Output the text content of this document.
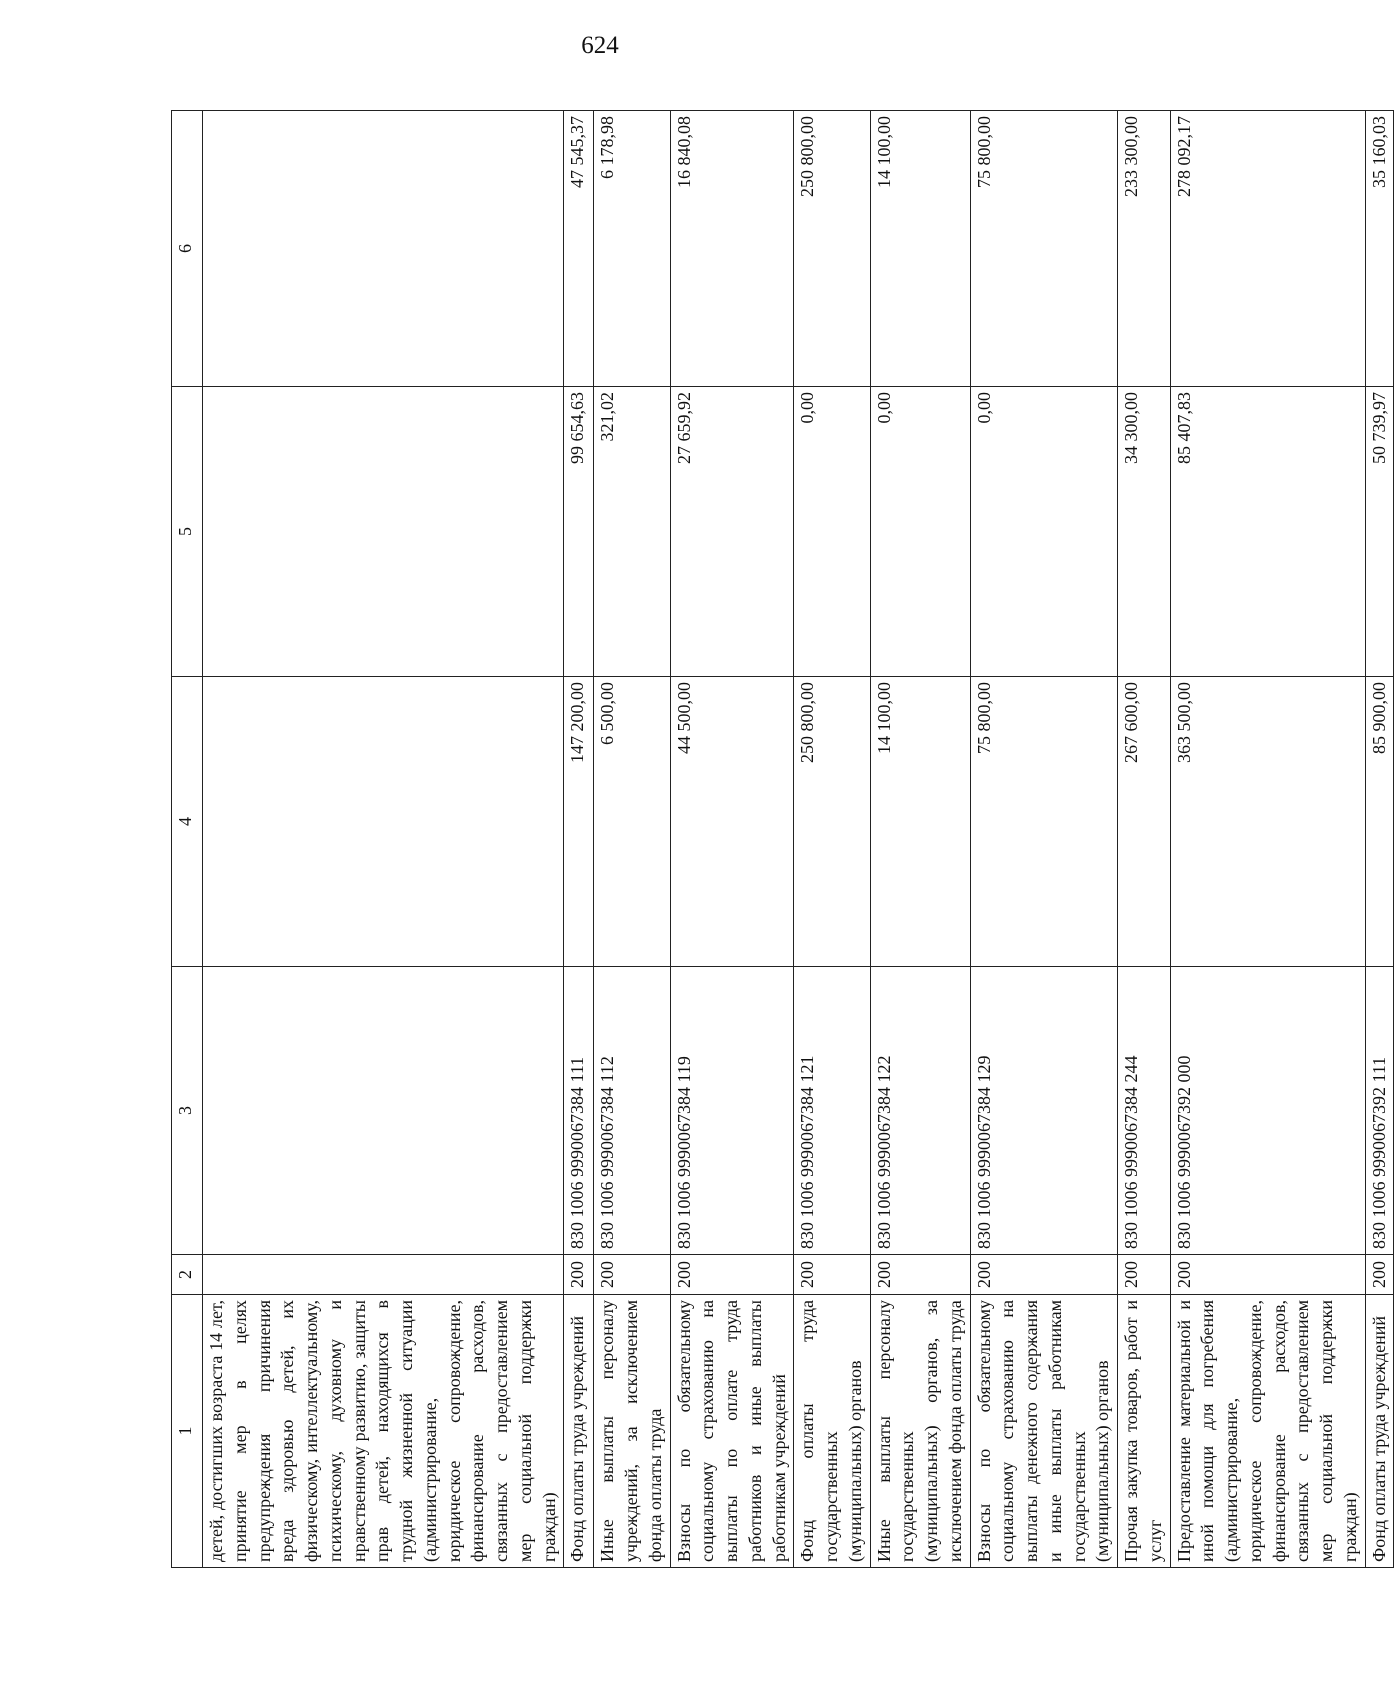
624
1	2	3	4	5	6
детей, достигших возраста 14 лет, принятие мер в целях предупреждения причинения вреда здоровью детей, их физическому, интеллектуальному, психическому, духовному и нравственному развитию, защиты прав детей, находящихся в трудной жизненной ситуации (администрирование, юридическое сопровождение, финансирование расходов, связанных с предоставлением мер социальной поддержки граждан)					
Фонд оплаты труда учреждений	200	830 1006 9990067384 111	147 200,00	99 654,63	47 545,37
Иные выплаты персоналу учреждений, за исключением фонда оплаты труда	200	830 1006 9990067384 112	6 500,00	321,02	6 178,98
Взносы по обязательному социальному страхованию на выплаты по оплате труда работников и иные выплаты работникам учреждений	200	830 1006 9990067384 119	44 500,00	27 659,92	16 840,08
Фонд оплаты труда государственных (муниципальных) органов	200	830 1006 9990067384 121	250 800,00	0,00	250 800,00
Иные выплаты персоналу государственных (муниципальных) органов, за исключением фонда оплаты труда	200	830 1006 9990067384 122	14 100,00	0,00	14 100,00
Взносы по обязательному социальному страхованию на выплаты денежного содержания и иные выплаты работникам государственных (муниципальных) органов	200	830 1006 9990067384 129	75 800,00	0,00	75 800,00
Прочая закупка товаров, работ и услуг	200	830 1006 9990067384 244	267 600,00	34 300,00	233 300,00
Предоставление материальной и иной помощи для погребения (администрирование, юридическое сопровождение, финансирование расходов, связанных с предоставлением мер социальной поддержки граждан)	200	830 1006 9990067392 000	363 500,00	85 407,83	278 092,17
Фонд оплаты труда учреждений	200	830 1006 9990067392 111	85 900,00	50 739,97	35 160,03
